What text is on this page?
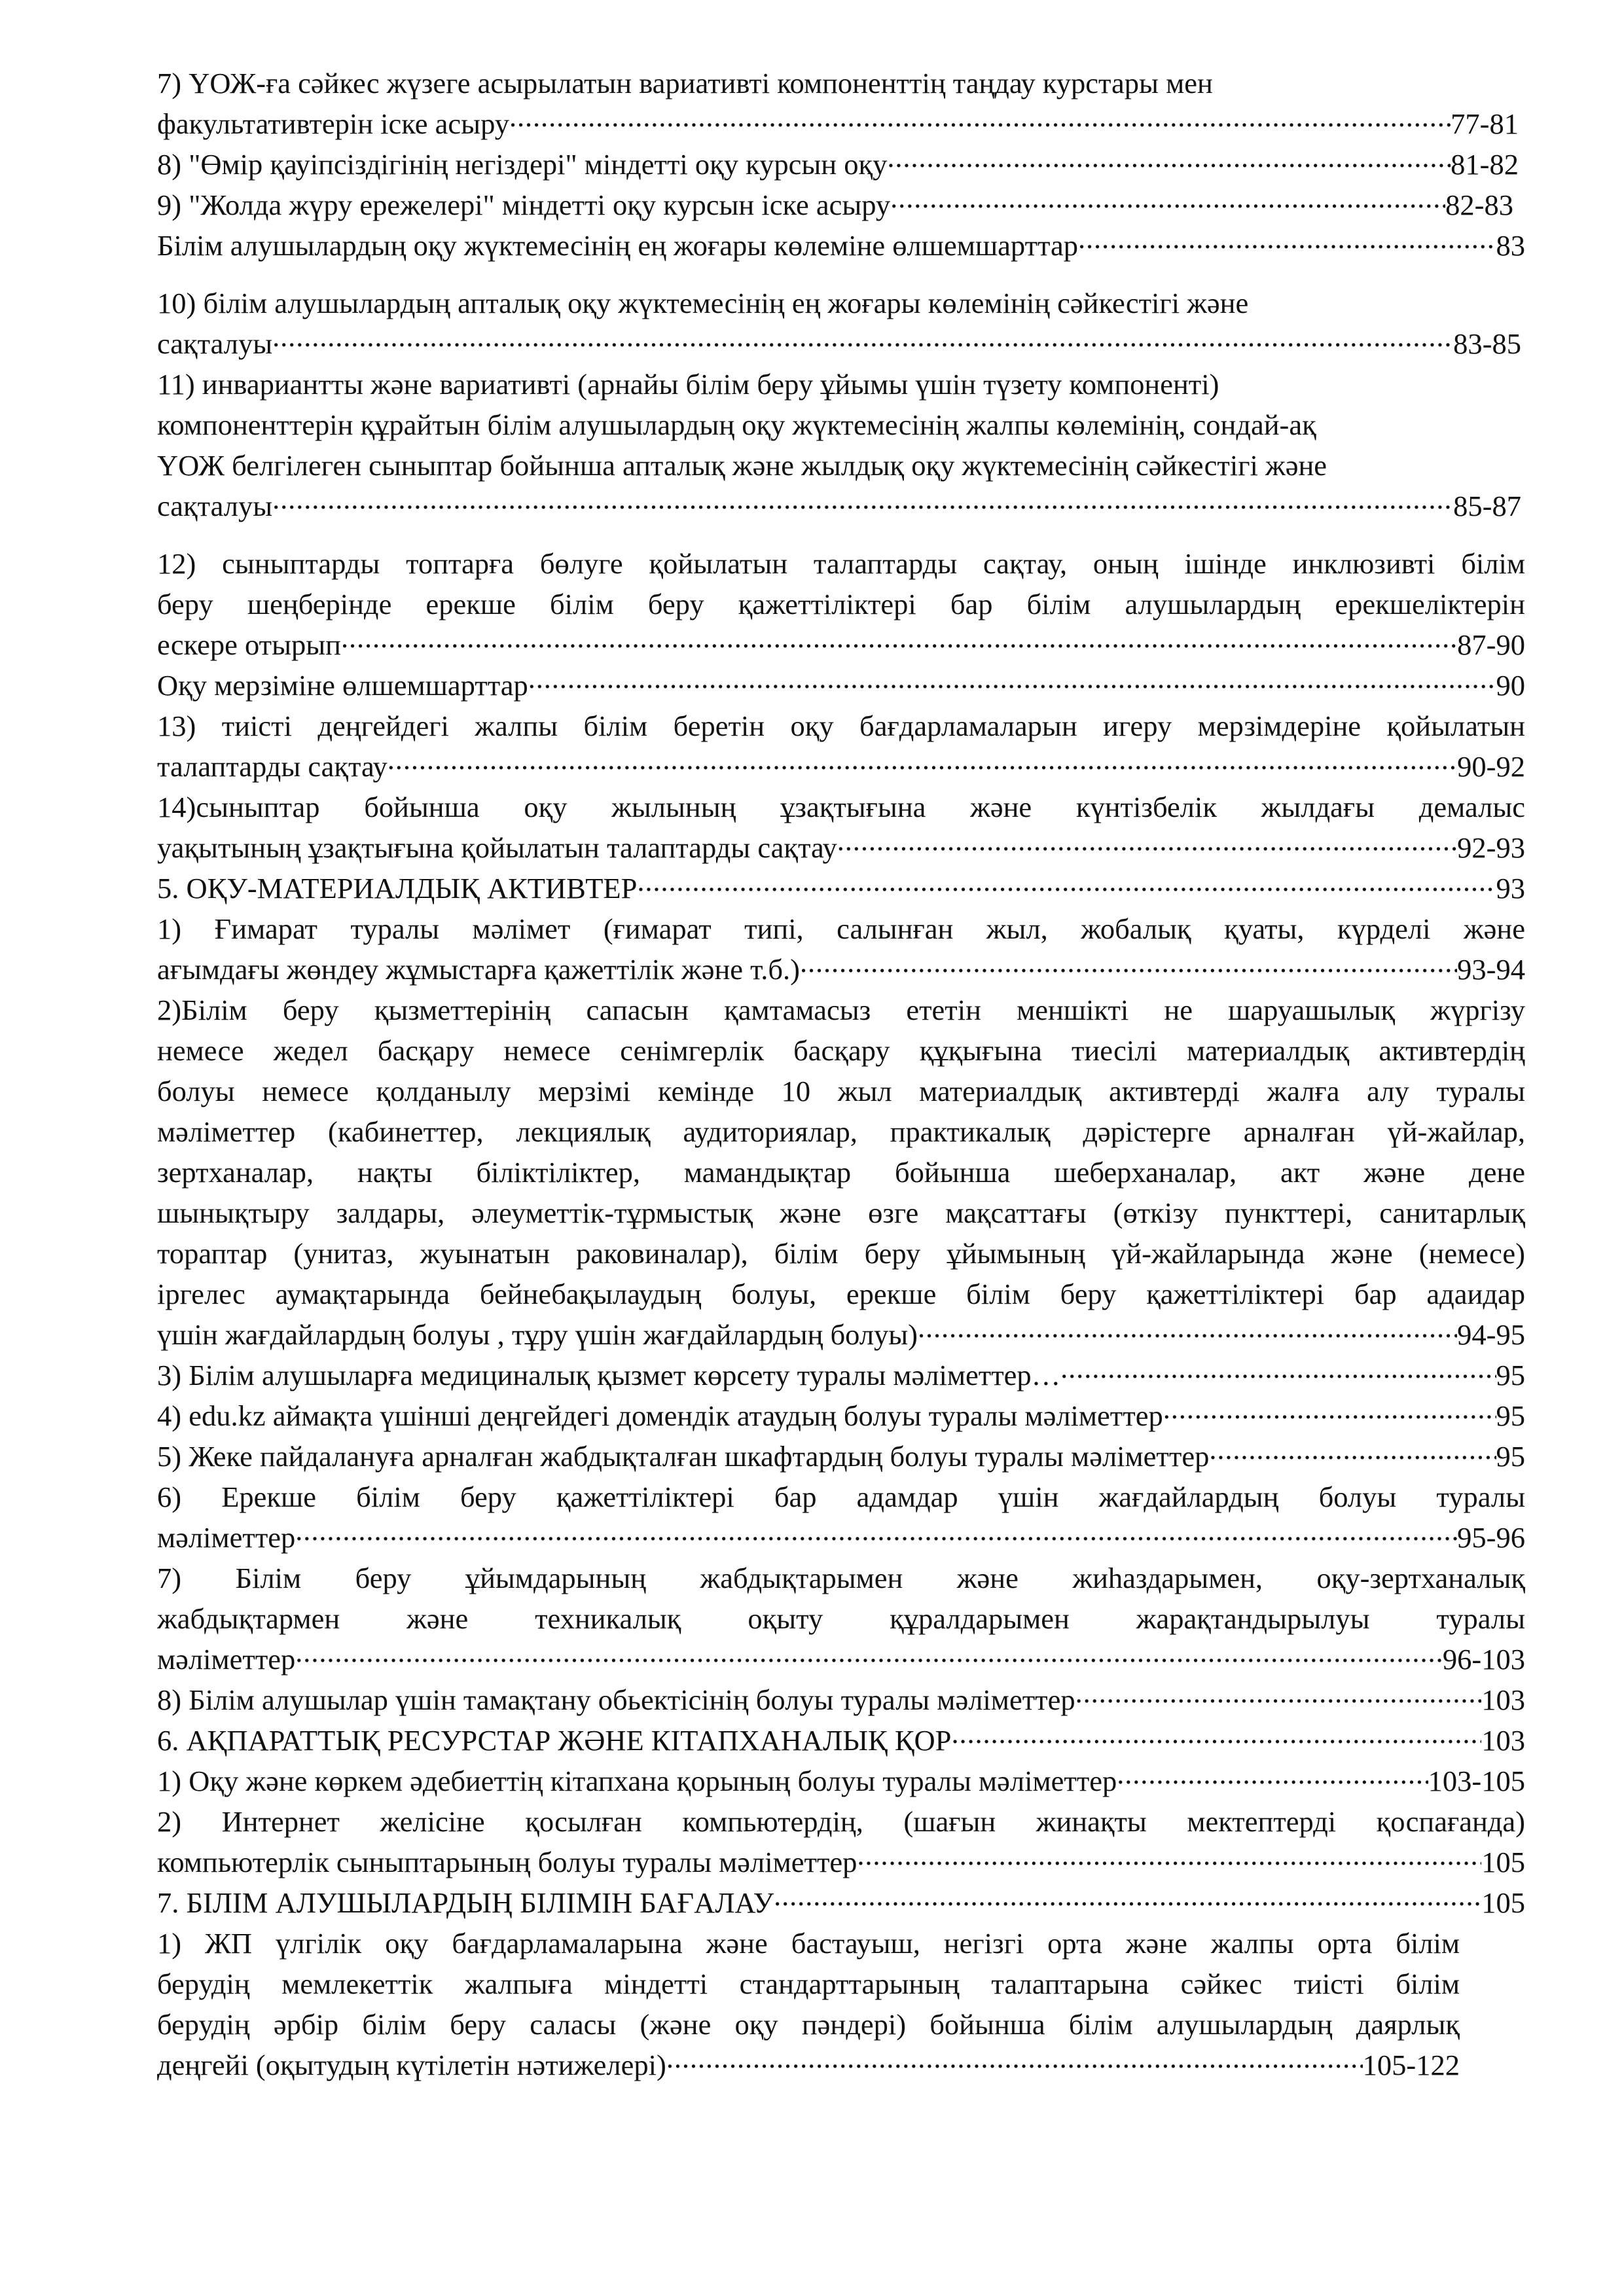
7) ҮОЖ-ға сәйкес жүзеге асырылатын вариативті компоненттің таңдау курстары мен
факультативтерін іске асыру .....	77-81
8) "Өмір қауіпсіздігінің негіздері" міндетті оқу курсын оқу .....	81-82
9) "Жолда жүру ережелері" міндетті оқу курсын іске асыру .....	82-83
Білім алушылардың оқу жүктемесінің ең жоғары көлеміне өлшемшарттар .....	83
10) білім алушылардың апталық оқу жүктемесінің ең жоғары көлемінің сәйкестігі және
сақталуы .....	83-85
11) инвариантты және вариативті (арнайы білім беру ұйымы үшін түзету компоненті)
компоненттерін құрайтын білім алушылардың оқу жүктемесінің жалпы көлемінің, сондай-ақ
ҮОЖ белгілеген сыныптар бойынша апталық және жылдық оқу жүктемесінің сәйкестігі және
сақталуы .....	85-87
12) сыныптарды топтарға бөлуге қойылатын талаптарды сақтау, оның ішінде инклюзивті білім
беру шеңберінде ерекше білім беру қажеттіліктері бар білім алушылардың ерекшеліктерін
ескере отырып .....	87-90
Оқу мерзіміне өлшемшарттар .....	90
13) тиісті деңгейдегі жалпы білім беретін оқу бағдарламаларын игеру мерзімдеріне қойылатын
талаптарды сақтау .....	90-92
14)сыныптар бойынша оқу жылының ұзақтығына және күнтізбелік жылдағы демалыс
уақытының ұзақтығына қойылатын талаптарды сақтау .....	92-93
5. ОҚУ-МАТЕРИАЛДЫҚ АКТИВТЕР .....	93
1) Ғимарат туралы мәлімет (ғимарат типі, салынған жыл, жобалық қуаты, күрделі және
ағымдағы жөндеу жұмыстарға қажеттілік және т.б.) .....	93-94
2)Білім беру қызметтерінің сапасын қамтамасыз ететін меншікті не шаруашылық жүргізу
немесе жедел басқару немесе сенімгерлік басқару құқығына тиесілі материалдық активтердің
болуы немесе қолданылу мерзімі кемінде 10 жыл материалдық активтерді жалға алу туралы
мәліметтер (кабинеттер, лекциялық аудиториялар, практикалық дәрістерге арналған үй-жайлар,
зертханалар, нақты біліктіліктер, мамандықтар бойынша шеберханалар, акт және дене
шынықтыру залдары, әлеуметтік-тұрмыстық және өзге мақсаттағы (өткізу пункттері, санитарлық
тораптар (унитаз, жуынатын раковиналар), білім беру ұйымының үй-жайларында және (немесе)
іргелес аумақтарында бейнебақылаудың болуы, ерекше білім беру қажеттіліктері бар адаидар
үшін жағдайлардың болуы , тұру үшін жағдайлардың болуы) .....	94-95
3) Білім алушыларға медициналық қызмет көрсету туралы мәліметтер… .....	95
4) edu.kz аймақта үшінші деңгейдегі домендік атаудың болуы туралы мәліметтер .....	95
5) Жеке пайдалануға арналған жабдықталған шкафтардың болуы туралы мәліметтер .....	95
6) Ерекше білім беру қажеттіліктері бар адамдар үшін жағдайлардың болуы туралы
мәліметтер .....	95-96
7) Білім беру ұйымдарының жабдықтарымен және жиһаздарымен, оқу-зертханалық
жабдықтармен және техникалық оқыту құралдарымен жарақтандырылуы туралы
мәліметтер .....	96-103
8) Білім алушылар үшін тамақтану обьектісінің болуы туралы мәліметтер .....	103
6. АҚПАРАТТЫҚ РЕСУРСТАР ЖӘНЕ КІТАПХАНАЛЫҚ ҚОР .....	103
1) Оқу және көркем әдебиеттің кітапхана қорының болуы туралы мәліметтер .....	103-105
2) Интернет желісіне қосылған компьютердің, (шағын жинақты мектептерді қоспағанда)
компьютерлік сыныптарының болуы туралы мәліметтер .....	105
7. БІЛІМ АЛУШЫЛАРДЫҢ БІЛІМІН БАҒАЛАУ .....	105
1) ЖП үлгілік оқу бағдарламаларына және бастауыш, негізгі орта және жалпы орта білім
берудің мемлекеттік жалпыға міндетті стандарттарының талаптарына сәйкес тиісті білім
берудің әрбір білім беру саласы (және оқу пәндері) бойынша білім алушылардың даярлық
деңгейі (оқытудың күтілетін нәтижелері) .....	105-122
